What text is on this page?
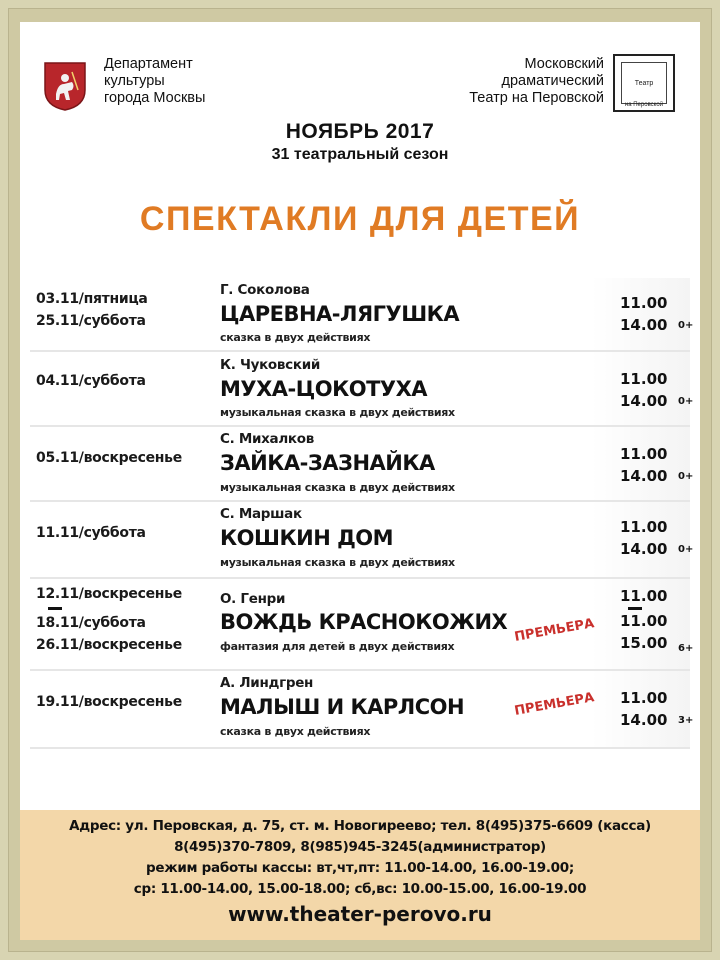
Департамент
культуры
города Москвы
Московский
драматический
Театр на Перовской
Театр
на Перовской
НОЯБРЬ 2017
31 театральный сезон
СПЕКТАКЛИ ДЛЯ ДЕТЕЙ
03.11/пятница
25.11/суббота
Г. Соколова
ЦАРЕВНА-ЛЯГУШКА
сказка в двух действиях
11.00
14.00 0+
04.11/суббота
К. Чуковский
МУХА-ЦОКОТУХА
музыкальная сказка в двух действиях
11.00
14.00 0+
05.11/воскресенье
С. Михалков
ЗАЙКА-ЗАЗНАЙКА
музыкальная сказка в двух действиях
11.00
14.00 0+
11.11/суббота
С. Маршак
КОШКИН ДОМ
музыкальная сказка в двух действиях
11.00
14.00 0+
12.11/воскресенье
18.11/суббота
26.11/воскресенье
О. Генри
ВОЖДЬ КРАСНОКОЖИХ
фантазия для детей в двух действиях
ПРЕМЬЕРА
11.00
11.00
15.00 6+
19.11/воскресенье
А. Линдгрен
МАЛЫШ И КАРЛСОН
сказка в двух действиях
ПРЕМЬЕРА 11.00
14.00 3+
Адрес: ул. Перовская, д. 75, ст. м. Новогиреево; тел. 8(495)375-6609 (касса)
8(495)370-7809, 8(985)945-3245(администратор)
режим работы кассы: вт,чт,пт: 11.00-14.00, 16.00-19.00;
ср: 11.00-14.00, 15.00-18.00; сб,вс: 10.00-15.00, 16.00-19.00
www.theater-perovo.ru
